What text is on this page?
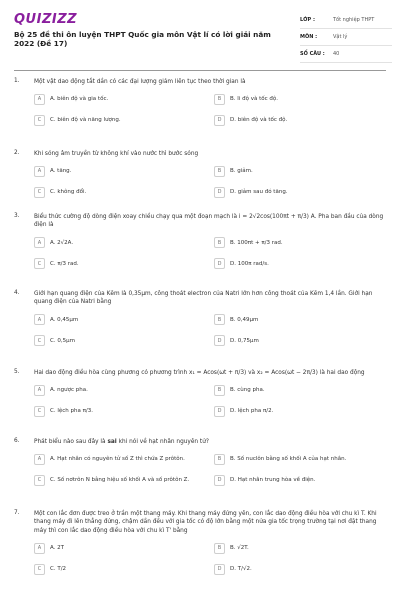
QUIZIZZ
Bộ 25 đề thi ôn luyện THPT Quốc gia môn Vật lí có lời giải năm 2022 (Đề 17)
LỚP :	Tốt nghiệp THPT
MÔN :	Vật lý
SỐ CÂU :	40
1. Một vật dao động tắt dần có các đại lượng giảm liên tục theo thời gian là
A	A. biên độ và gia tốc.	B	B. li độ và tốc độ.
C	C. biên độ và năng lượng.	D	D. biên độ và tốc độ.
2. Khi sóng âm truyền từ không khí vào nước thì bước sóng
A	A. tăng.	B	B. giảm.
C	C. không đổi.	D	D. giảm sau đó tăng.
3. Biểu thức cường độ dòng điện xoay chiều chạy qua một đoạn mạch là i = 2√2cos(100πt + π/3) A. Pha ban đầu của dòng điện là
A	A. 2√2A.	B	B. 100πt + π/3 rad.
C	C. π/3 rad.	D	D. 100π rad/s.
4. Giới hạn quang điện của Kẽm là 0,35μm, công thoát electron của Natri lớn hơn công thoát của Kẽm 1,4 lần. Giới hạn quang điện của Natri bằng
A	A. 0,45μm	B	B. 0,49μm
C	C. 0,5μm	D	D. 0,75μm
5. Hai dao động điều hòa cùng phương có phương trình x₁ = Acos(ωt + π/3) và x₂ = Acos(ωt − 2π/3) là hai dao động
A	A. ngược pha.	B	B. cùng pha.
C	C. lệch pha π/3.	D	D. lệch pha π/2.
6. Phát biểu nào sau đây là sai khi nói về hạt nhân nguyên tử?
A	A. Hạt nhân có nguyên tử số Z thì chứa Z prôtôn.	B	B. Số nuclôn bằng số khối A của hạt nhân.
C	C. Số nơtrôn N bằng hiệu số khối A và số prôtôn Z.	D	D. Hạt nhân trung hòa về điện.
7. Một con lắc đơn được treo ở trần một thang máy. Khi thang máy đứng yên, con lắc dao động điều hòa với chu kì T. Khi thang máy đi lên thẳng đứng, chậm dần đều với gia tốc có độ lớn bằng một nửa gia tốc trọng trường tại nơi đặt thang máy thì con lắc dao động điều hòa với chu kì T' bằng
A	A. 2T	B	B. √2T.
C	C. T/2	D	D. T/√2.
